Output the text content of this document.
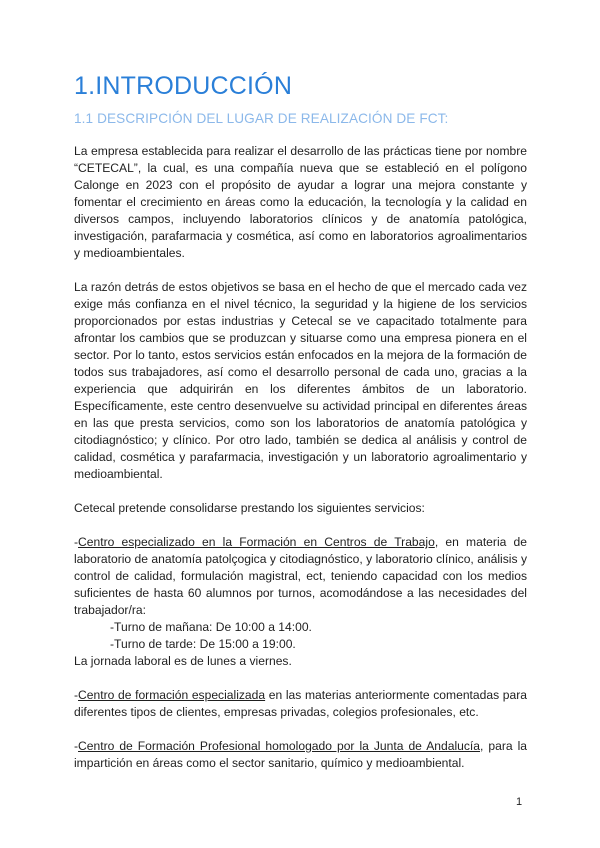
1.INTRODUCCIÓN
1.1 DESCRIPCIÓN DEL LUGAR DE REALIZACIÓN DE FCT:

La empresa establecida para realizar el desarrollo de las prácticas tiene por nombre “CETECAL”, la cual, es una compañía nueva que se estableció en el polígono Calonge en 2023 con el propósito de ayudar a lograr una mejora constante y fomentar el crecimiento en áreas como la educación, la tecnología y la calidad en diversos campos, incluyendo laboratorios clínicos y de anatomía patológica, investigación, parafarmacia y cosmética, así como en laboratorios agroalimentarios y medioambientales.

La razón detrás de estos objetivos se basa en el hecho de que el mercado cada vez exige más confianza en el nivel técnico, la seguridad y la higiene de los servicios proporcionados por estas industrias y Cetecal se ve capacitado totalmente para afrontar los cambios que se produzcan y situarse como una empresa pionera en el sector. Por lo tanto, estos servicios están enfocados en la mejora de la formación de todos sus trabajadores, así como el desarrollo personal de cada uno, gracias a la experiencia que adquirirán en los diferentes ámbitos de un laboratorio. Específicamente, este centro desenvuelve su actividad principal en diferentes áreas en las que presta servicios, como son los laboratorios de anatomía patológica y citodiagnóstico; y clínico. Por otro lado, también se dedica al análisis y control de calidad, cosmética y parafarmacia, investigación y un laboratorio agroalimentario y medioambiental.

Cetecal pretende consolidarse prestando los siguientes servicios:

-Centro especializado en la Formación en Centros de Trabajo, en materia de laboratorio de anatomía patolçogica y citodiagnóstico, y laboratorio clínico, análisis y control de calidad, formulación magistral, ect, teniendo capacidad con los medios suficientes de hasta 60 alumnos por turnos, acomodándose a las necesidades del trabajador/ra:

-Turno de mañana: De 10:00 a 14:00.
-Turno de tarde: De 15:00 a 19:00.

La jornada laboral es de lunes a viernes.

-Centro de formación especializada en las materias anteriormente comentadas para diferentes tipos de clientes, empresas privadas, colegios profesionales, etc.

-Centro de Formación Profesional homologado por la Junta de Andalucía, para la impartición en áreas como el sector sanitario, químico y medioambiental.

1
